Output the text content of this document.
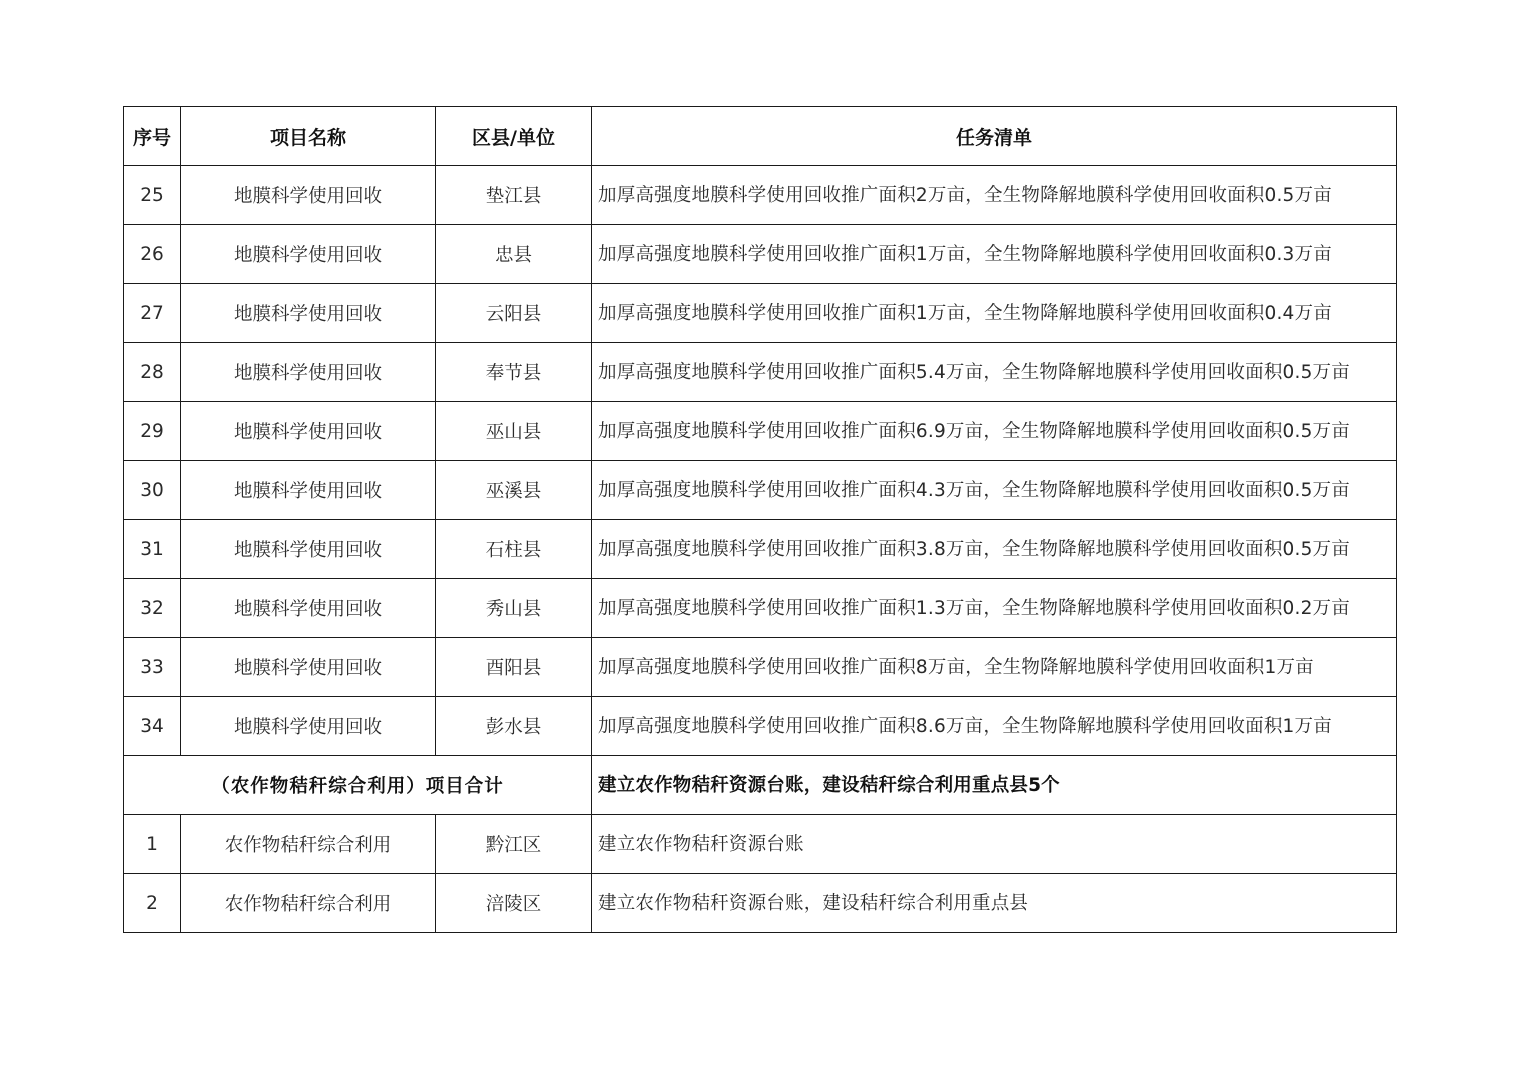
序号	项目名称	区县/单位	任务清单
25	地膜科学使用回收	垫江县	加厚高强度地膜科学使用回收推广面积2万亩，全生物降解地膜科学使用回收面积0.5万亩
26	地膜科学使用回收	忠县	加厚高强度地膜科学使用回收推广面积1万亩，全生物降解地膜科学使用回收面积0.3万亩
27	地膜科学使用回收	云阳县	加厚高强度地膜科学使用回收推广面积1万亩，全生物降解地膜科学使用回收面积0.4万亩
28	地膜科学使用回收	奉节县	加厚高强度地膜科学使用回收推广面积5.4万亩，全生物降解地膜科学使用回收面积0.5万亩
29	地膜科学使用回收	巫山县	加厚高强度地膜科学使用回收推广面积6.9万亩，全生物降解地膜科学使用回收面积0.5万亩
30	地膜科学使用回收	巫溪县	加厚高强度地膜科学使用回收推广面积4.3万亩，全生物降解地膜科学使用回收面积0.5万亩
31	地膜科学使用回收	石柱县	加厚高强度地膜科学使用回收推广面积3.8万亩，全生物降解地膜科学使用回收面积0.5万亩
32	地膜科学使用回收	秀山县	加厚高强度地膜科学使用回收推广面积1.3万亩，全生物降解地膜科学使用回收面积0.2万亩
33	地膜科学使用回收	酉阳县	加厚高强度地膜科学使用回收推广面积8万亩，全生物降解地膜科学使用回收面积1万亩
34	地膜科学使用回收	彭水县	加厚高强度地膜科学使用回收推广面积8.6万亩，全生物降解地膜科学使用回收面积1万亩
（农作物秸秆综合利用）项目合计			建立农作物秸秆资源台账，建设秸秆综合利用重点县5个
1	农作物秸秆综合利用	黔江区	建立农作物秸秆资源台账
2	农作物秸秆综合利用	涪陵区	建立农作物秸秆资源台账，建设秸秆综合利用重点县
